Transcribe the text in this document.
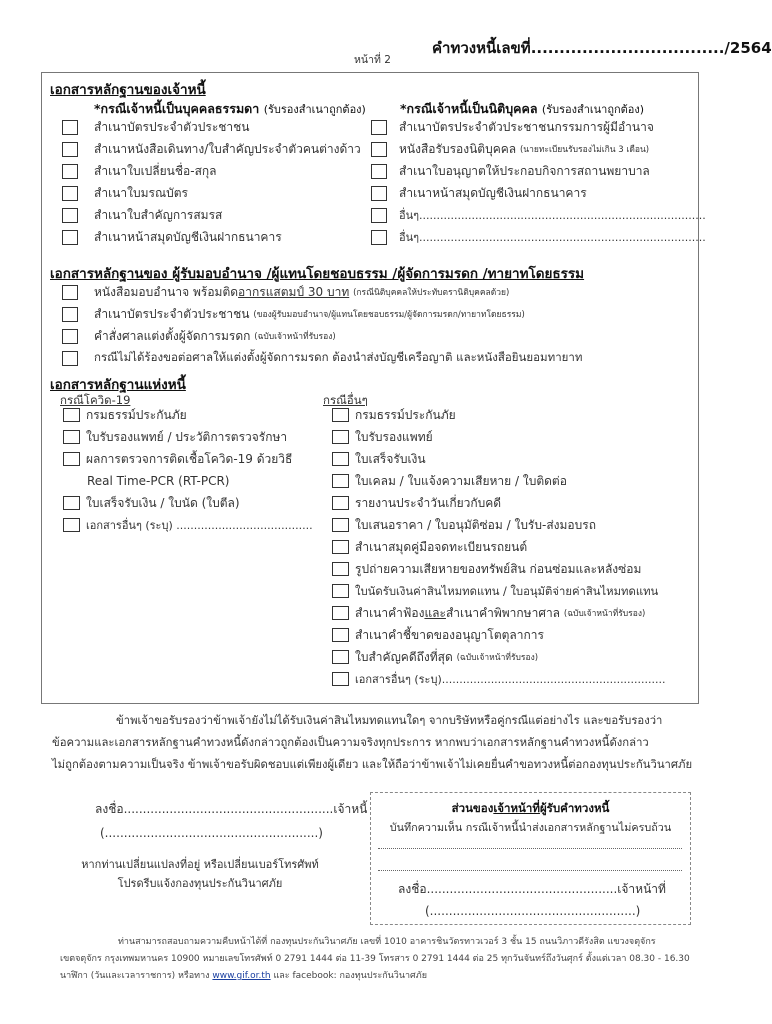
คำทวงหนี้เลขที่................................../2564
หน้าที่ 2
เอกสารหลักฐานของเจ้าหนี้
*กรณีเจ้าหนี้เป็นบุคคลธรรมดา (รับรองสำเนาถูกต้อง)	*กรณีเจ้าหนี้เป็นนิติบุคคล (รับรองสำเนาถูกต้อง)
สำเนาบัตรประจำตัวประชาชน
สำเนาหนังสือเดินทาง/ใบสำคัญประจำตัวคนต่างด้าว
สำเนาใบเปลี่ยนชื่อ-สกุล
สำเนาใบมรณบัตร
สำเนาใบสำคัญการสมรส
สำเนาหน้าสมุดบัญชีเงินฝากธนาคาร
สำเนาบัตรประจำตัวประชาชนกรรมการผู้มีอำนาจ
หนังสือรับรองนิติบุคคล
(นายทะเบียนรับรองไม่เกิน 3 เดือน)
สำเนาใบอนุญาตให้ประกอบกิจการสถานพยาบาล
สำเนาหน้าสมุดบัญชีเงินฝากธนาคาร
อื่นๆ..................................................................................
อื่นๆ..................................................................................
เอกสารหลักฐานของ ผู้รับมอบอำนาจ /ผู้แทนโดยชอบธรรม /ผู้จัดการมรดก /ทายาทโดยธรรม
หนังสือมอบอำนาจ พร้อมติด อากรแสตมป์ 30 บาท
(กรณีนิติบุคคลให้ประทับตรานิติบุคคลด้วย)
สำเนาบัตรประจำตัวประชาชน
(ของผู้รับมอบอำนาจ/ผู้แทนโดยชอบธรรม/ผู้จัดการมรดก/ทายาทโดยธรรม)
คำสั่งศาลแต่งตั้งผู้จัดการมรดก
(ฉบับเจ้าหน้าที่รับรอง)
กรณีไม่ได้ร้องขอต่อศาลให้แต่งตั้งผู้จัดการมรดก ต้องนำส่งบัญชีเครือญาติ และหนังสือยินยอมทายาท
เอกสารหลักฐานแห่งหนี้
กรณีโควิด-19	กรณีอื่นๆ
กรมธรรม์ประกันภัย
ใบรับรองแพทย์ / ประวัติการตรวจรักษา
ผลการตรวจการติดเชื้อโควิด-19 ด้วยวิธี
Real Time-PCR (RT-PCR)
ใบเสร็จรับเงิน / ใบนัด (ใบตีล)
เอกสารอื่นๆ (ระบุ) .......................................
กรมธรรม์ประกันภัย
ใบรับรองแพทย์
ใบเสร็จรับเงิน
ใบเคลม / ใบแจ้งความเสียหาย / ใบติดต่อ
รายงานประจำวันเกี่ยวกับคดี
ใบเสนอราคา / ใบอนุมัติซ่อม / ใบรับ-ส่งมอบรถ
สำเนาสมุดคู่มือจดทะเบียนรถยนต์
รูปถ่ายความเสียหายของทรัพย์สิน ก่อนซ่อมและหลังซ่อม
ใบนัดรับเงินค่าสินไหมทดแทน / ใบอนุมัติจ่ายค่าสินไหมทดแทน
สำเนาคำฟ้อง และ สำเนาคำพิพากษาศาล
(ฉบับเจ้าหน้าที่รับรอง)
สำเนาคำชี้ขาดของอนุญาโตตุลาการ
ใบสำคัญคดีถึงที่สุด
(ฉบับเจ้าหน้าที่รับรอง)
เอกสารอื่นๆ (ระบุ)................................................................
ข้าพเจ้าขอรับรองว่าข้าพเจ้ายังไม่ได้รับเงินค่าสินไหมทดแทนใดๆ จากบริษัทหรือคู่กรณีแต่อย่างไร และขอรับรองว่า
ข้อความและเอกสารหลักฐานคำทวงหนี้ดังกล่าวถูกต้องเป็นความจริงทุกประการ หากพบว่าเอกสารหลักฐานคำทวงหนี้ดังกล่าว
ไม่ถูกต้องตามความเป็นจริง ข้าพเจ้าขอรับผิดชอบแต่เพียงผู้เดียว และให้ถือว่าข้าพเจ้าไม่เคยยื่นคำขอทวงหนี้ต่อกองทุนประกันวินาศภัย
ลงชื่อ.......................................................เจ้าหนี้
(........................................................)
หากท่านเปลี่ยนแปลงที่อยู่ หรือเปลี่ยนเบอร์โทรศัพท์
โปรดรีบแจ้งกองทุนประกันวินาศภัย
ส่วนของเจ้าหน้าที่ผู้รับคำทวงหนี้
บันทึกความเห็น กรณีเจ้าหนี้นำส่งเอกสารหลักฐานไม่ครบถ้วน
ลงชื่อ..................................................เจ้าหน้าที่
(......................................................)
ท่านสามารถสอบถามความคืบหน้าได้ที่ กองทุนประกันวินาศภัย เลขที่ 1010 อาคารชินวัตรทาวเวอร์ 3 ชั้น 15 ถนนวิภาวดีรังสิต แขวงจตุจักร
เขตจตุจักร กรุงเทพมหานคร 10900 หมายเลขโทรศัพท์ 0 2791 1444 ต่อ 11-39 โทรสาร 0 2791 1444 ต่อ 25 ทุกวันจันทร์ถึงวันศุกร์ ตั้งแต่เวลา 08.30 - 16.30
นาฬิกา (วันและเวลาราชการ) หรือทาง www.gif.or.th และ facebook: กองทุนประกันวินาศภัย
